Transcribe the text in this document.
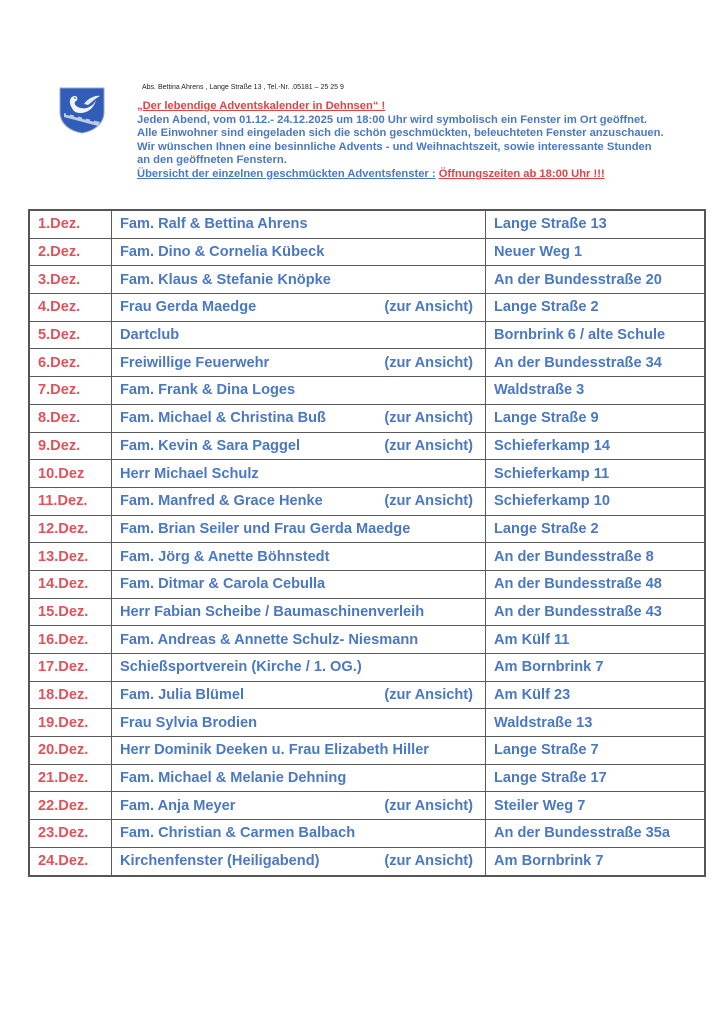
Abs. Bettina Ahrens , Lange Straße 13 , Tel.-Nr. .05181 – 25 25 9
„Der lebendige Adventskalender in Dehnsen“ !
Jeden Abend, vom 01.12.- 24.12.2025 um 18:00 Uhr wird symbolisch ein Fenster im Ort geöffnet.
Alle Einwohner sind eingeladen sich die schön geschmückten, beleuchteten Fenster anzuschauen.
Wir wünschen Ihnen eine besinnliche Advents - und Weihnachtszeit, sowie interessante Stunden
an den geöffneten Fenstern.
Übersicht der einzelnen geschmückten Adventsfenster : Öffnungszeiten ab 18:00 Uhr !!!
1.Dez.	Fam. Ralf & Bettina Ahrens	Lange Straße 13
2.Dez.	Fam. Dino & Cornelia Kübeck	Neuer Weg 1
3.Dez.	Fam. Klaus & Stefanie Knöpke	An der Bundesstraße 20
4.Dez.	Frau Gerda Maedge (zur Ansicht)	Lange Straße 2
5.Dez.	Dartclub	Bornbrink 6 / alte Schule
6.Dez.	Freiwillige Feuerwehr (zur Ansicht)	An der Bundesstraße 34
7.Dez.	Fam. Frank & Dina Loges	Waldstraße 3
8.Dez.	Fam. Michael & Christina Buß (zur Ansicht)	Lange Straße 9
9.Dez.	Fam. Kevin & Sara Paggel (zur Ansicht)	Schieferkamp 14
10.Dez	Herr Michael Schulz	Schieferkamp 11
11.Dez.	Fam. Manfred & Grace Henke (zur Ansicht)	Schieferkamp 10
12.Dez.	Fam. Brian Seiler und Frau Gerda Maedge	Lange Straße 2
13.Dez.	Fam. Jörg & Anette Böhnstedt	An der Bundesstraße 8
14.Dez.	Fam. Ditmar & Carola Cebulla	An der Bundesstraße 48
15.Dez.	Herr Fabian Scheibe / Baumaschinenverleih	An der Bundesstraße 43
16.Dez.	Fam. Andreas & Annette Schulz- Niesmann	Am Külf 11
17.Dez.	Schießsportverein (Kirche / 1. OG.)	Am Bornbrink 7
18.Dez.	Fam. Julia Blümel (zur Ansicht)	Am Külf 23
19.Dez.	Frau Sylvia Brodien	Waldstraße 13
20.Dez.	Herr Dominik Deeken u. Frau Elizabeth Hiller	Lange Straße 7
21.Dez.	Fam. Michael & Melanie Dehning	Lange Straße 17
22.Dez.	Fam. Anja Meyer (zur Ansicht)	Steiler Weg 7
23.Dez.	Fam. Christian & Carmen Balbach	An der Bundesstraße 35a
24.Dez.	Kirchenfenster (Heiligabend) (zur Ansicht)	Am Bornbrink 7
